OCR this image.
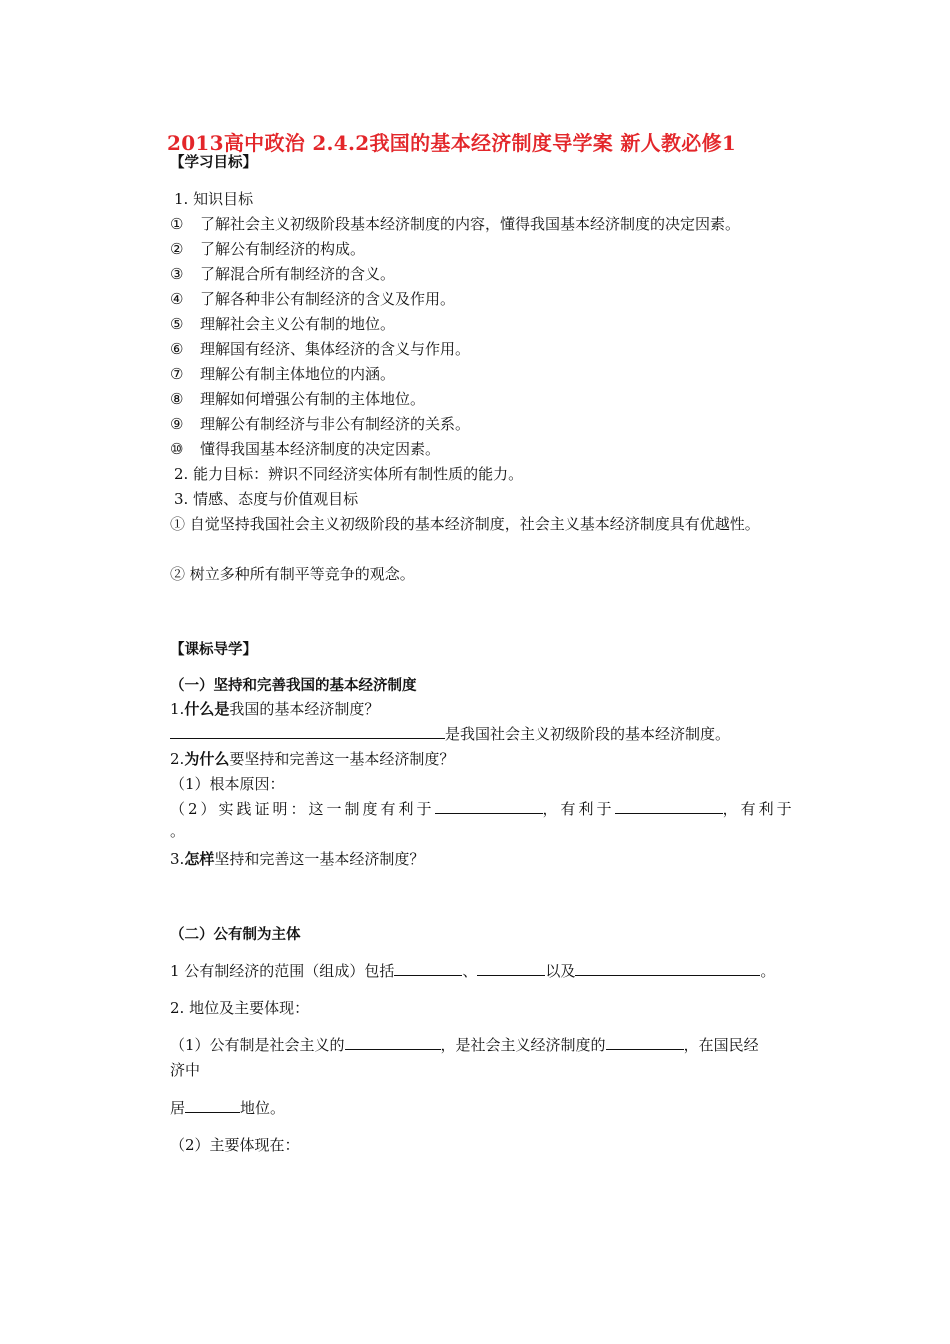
2013高中政治 2.4.2我国的基本经济制度导学案 新人教必修1
【学习目标】
1. 知识目标
① 了解社会主义初级阶段基本经济制度的内容，懂得我国基本经济制度的决定因素。
② 了解公有制经济的构成。
③ 了解混合所有制经济的含义。
④ 了解各种非公有制经济的含义及作用。
⑤ 理解社会主义公有制的地位。
⑥ 理解国有经济、集体经济的含义与作用。
⑦ 理解公有制主体地位的内涵。
⑧ 理解如何增强公有制的主体地位。
⑨ 理解公有制经济与非公有制经济的关系。
⑩ 懂得我国基本经济制度的决定因素。
2. 能力目标：辨识不同经济实体所有制性质的能力。
3. 情感、态度与价值观目标
① 自觉坚持我国社会主义初级阶段的基本经济制度，社会主义基本经济制度具有优越性。
② 树立多种所有制平等竞争的观念。
【课标导学】
（一）坚持和完善我国的基本经济制度
1.什么是我国的基本经济制度？
是我国社会主义初级阶段的基本经济制度。
2.为什么要坚持和完善这一基本经济制度？
（1）根本原因：
（2）实践证明：这一制度有利于	，有利于	，有利于
。
3.怎样坚持和完善这一基本经济制度？
（二）公有制为主体
1 公有制经济的范围（组成）包括	、	以及	。
2. 地位及主要体现：
（1）公有制是社会主义的	，是社会主义经济制度的	，在国民经
济中
居	地位。
（2）主要体现在：
